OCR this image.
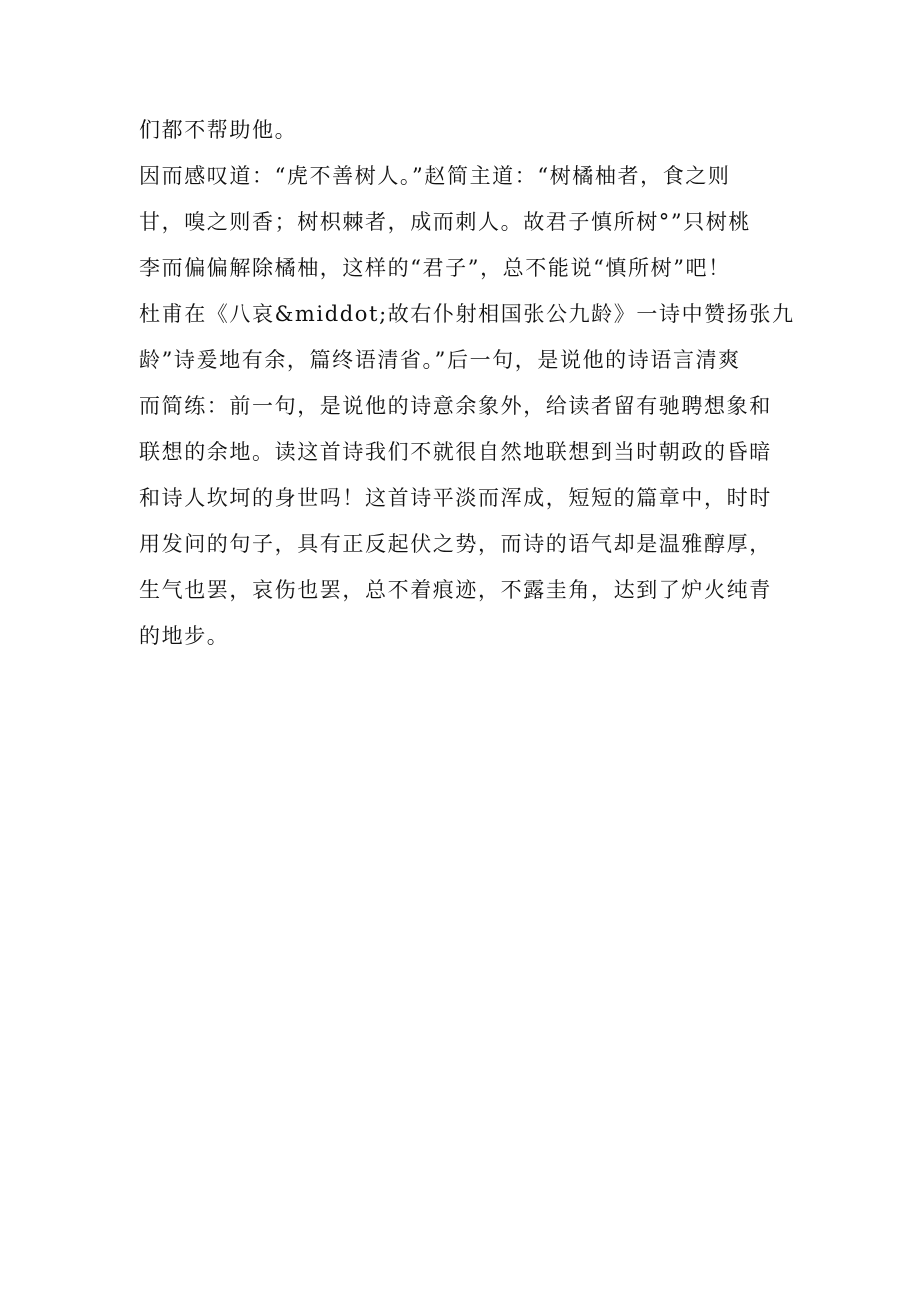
们都不帮助他。
因而感叹道：“虎不善树人。”赵简主道：“树橘柚者，食之则
甘，嗅之则香；树枳棘者，成而刺人。故君子慎所树°”只树桃
李而偏偏解除橘柚，这样的“君子”，总不能说“慎所树”吧！
杜甫在《八哀&middot;故右仆射相国张公九龄》一诗中赞扬张九
龄”诗爰地有余，篇终语清省。”后一句，是说他的诗语言清爽
而简练：前一句，是说他的诗意余象外，给读者留有驰聘想象和
联想的余地。读这首诗我们不就很自然地联想到当时朝政的昏暗
和诗人坎坷的身世吗！这首诗平淡而浑成，短短的篇章中，时时
用发问的句子，具有正反起伏之势，而诗的语气却是温雅醇厚，
生气也罢，哀伤也罢，总不着痕迹，不露圭角，达到了炉火纯青
的地步。
